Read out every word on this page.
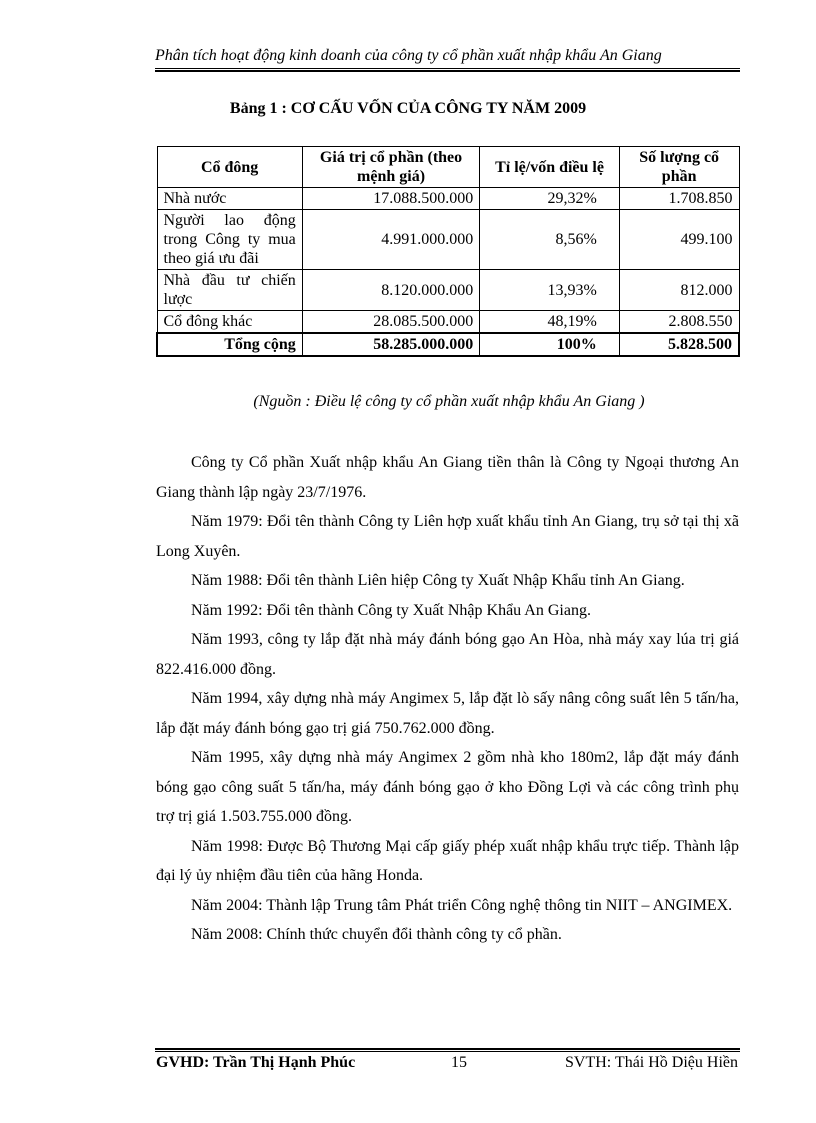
Phân tích hoạt động kinh doanh của công ty cổ phần xuất nhập khẩu An Giang
Bảng 1 : CƠ CẤU VỐN CỦA CÔNG TY NĂM 2009
Cổ đông	Giá trị cổ phần (theo mệnh giá)	Tỉ lệ/vốn điều lệ	Số lượng cổ phần
Nhà nước	17.088.500.000	29,32%	1.708.850
Người lao động trong Công ty mua theo giá ưu đãi	4.991.000.000	8,56%	499.100
Nhà đầu tư chiến lược	8.120.000.000	13,93%	812.000
Cổ đông khác	28.085.500.000	48,19%	2.808.550
Tổng cộng	58.285.000.000	100%	5.828.500
(Nguồn : Điều lệ công ty cổ phần xuất nhập khẩu An Giang )

Công ty Cổ phần Xuất nhập khẩu An Giang tiền thân là Công ty Ngoại thương An Giang thành lập ngày 23/7/1976.

Năm 1979: Đổi tên thành Công ty Liên hợp xuất khẩu tỉnh An Giang, trụ sở tại thị xã Long Xuyên.

Năm 1988: Đổi tên thành Liên hiệp Công ty Xuất Nhập Khẩu tỉnh An Giang.

Năm 1992: Đổi tên thành Công ty Xuất Nhập Khẩu An Giang.

Năm 1993, công ty lắp đặt nhà máy đánh bóng gạo An Hòa, nhà máy xay lúa trị giá 822.416.000 đồng.

Năm 1994, xây dựng nhà máy Angimex 5, lắp đặt lò sấy nâng công suất lên 5 tấn/ha, lắp đặt máy đánh bóng gạo trị giá 750.762.000 đồng.

Năm 1995, xây dựng nhà máy Angimex 2 gồm nhà kho 180m2, lắp đặt máy đánh bóng gạo công suất 5 tấn/ha, máy đánh bóng gạo ở kho Đồng Lợi và các công trình phụ trợ trị giá 1.503.755.000 đồng.

Năm 1998: Được Bộ Thương Mại cấp giấy phép xuất nhập khẩu trực tiếp. Thành lập đại lý ủy nhiệm đầu tiên của hãng Honda.

Năm 2004: Thành lập Trung tâm Phát triển Công nghệ thông tin NIIT – ANGIMEX.

Năm 2008: Chính thức chuyển đổi thành công ty cổ phần.

GVHD: Trần Thị Hạnh Phúc	15	SVTH: Thái Hồ Diệu Hiền
